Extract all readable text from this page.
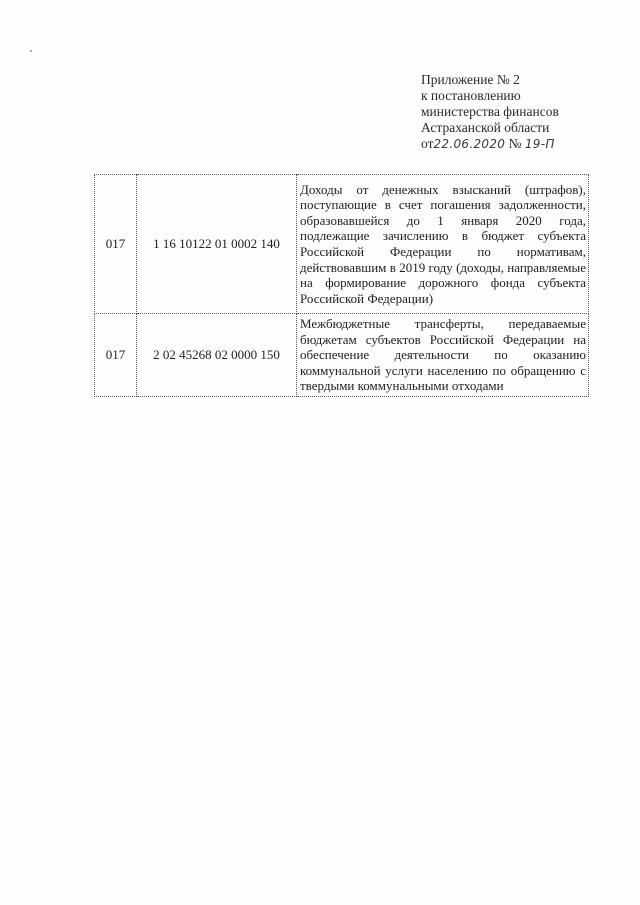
Приложение № 2
к постановлению
министерства финансов
Астраханской области
от22.06.2020 № 19-П
017	1 16 10122 01 0002 140	Доходы от денежных взысканий (штрафов), поступающие в счет погашения задолженности, образовавшейся до 1 января 2020 года, подлежащие зачислению в бюджет субъекта Российской Федерации по нормативам, действовавшим в 2019 году (доходы, направляемые на формирование дорожного фонда субъекта Российской Федерации)
017	2 02 45268 02 0000 150	Межбюджетные трансферты, передаваемые бюджетам субъектов Российской Федерации на обеспечение деятельности по оказанию коммунальной услуги населению по обращению с твердыми коммунальными отходами
